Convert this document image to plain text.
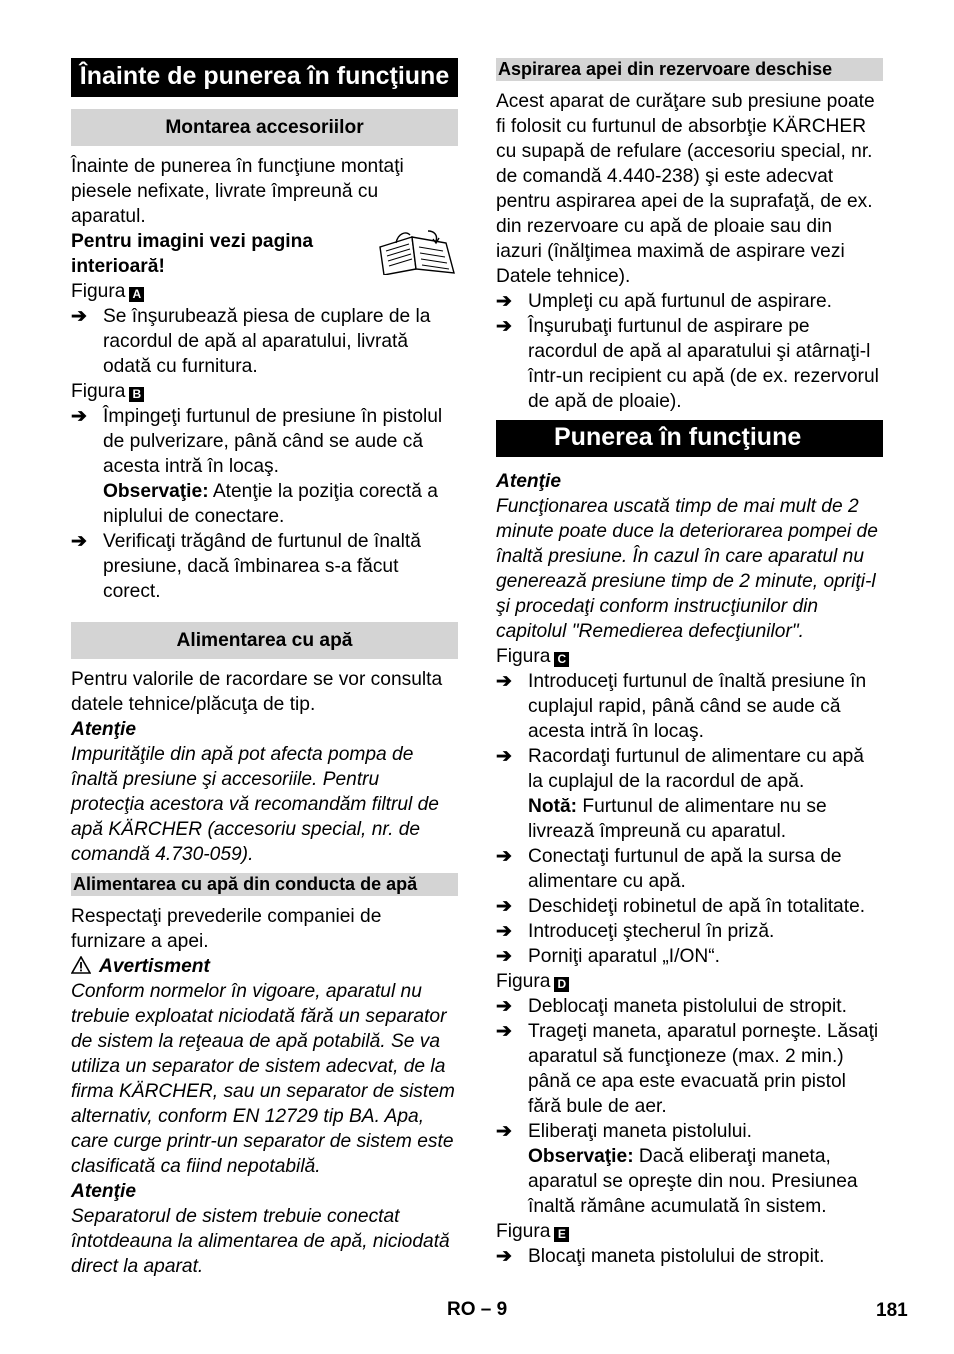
Înainte de punerea în funcţiune
Montarea accesoriilor

Înainte de punerea în funcţiune montaţi piesele nefixate, livrate împreună cu aparatul.

Pentru imagini vezi pagina interioară!

Figura A

➔ Se înşurubează piesa de cuplare de la racordul de apă al aparatului, livrată odată cu furnitura.

Figura B

➔ Împingeţi furtunul de presiune în pistolul de pulverizare, până când se aude că acesta intră în locaş.
Observaţie: Atenţie la poziţia corectă a niplului de conectare.
➔ Verificaţi trăgând de furtunul de înaltă presiune, dacă îmbinarea s-a făcut corect.
Alimentarea cu apă

Pentru valorile de racordare se vor consulta datele tehnice/plăcuţa de tip.

Atenţie

Impurităţile din apă pot afecta pompa de înaltă presiune şi accesoriile. Pentru protecţia acestora vă recomandăm filtrul de apă KÄRCHER (accesoriu special, nr. de comandă 4.730-059).

Alimentarea cu apă din conducta de apă

Respectaţi prevederile companiei de furnizare a apei.

Avertisment

Conform normelor în vigoare, aparatul nu trebuie exploatat niciodată fără un separator de sistem la reţeaua de apă potabilă. Se va utiliza un separator de sistem adecvat, de la firma KÄRCHER, sau un separator de sistem alternativ, conform EN 12729 tip BA. Apa, care curge printr-un separator de sistem este clasificată ca fiind nepotabilă.

Atenţie

Separatorul de sistem trebuie conectat întotdeauna la alimentarea de apă, niciodată direct la aparat.

Aspirarea apei din rezervoare deschise

Acest aparat de curăţare sub presiune poate fi folosit cu furtunul de absorbţie KÄRCHER cu supapă de refulare (accesoriu special, nr. de comandă 4.440-238) şi este adecvat pentru aspirarea apei de la suprafaţă, de ex. din rezervoare cu apă de ploaie sau din iazuri (înălţimea maximă de aspirare vezi Datele tehnice).

➔ Umpleţi cu apă furtunul de aspirare.
➔ Înşurubaţi furtunul de aspirare pe racordul de apă al aparatului şi atârnaţi-l într-un recipient cu apă (de ex. rezervorul de apă de ploaie).
Punerea în funcţiune

Atenţie

Funcţionarea uscată timp de mai mult de 2 minute poate duce la deteriorarea pompei de înaltă presiune. În cazul în care aparatul nu generează presiune timp de 2 minute, opriţi-l şi procedaţi conform instrucţiunilor din capitolul "Remedierea defecţiunilor".

Figura C

➔ Introduceţi furtunul de înaltă presiune în cuplajul rapid, până când se aude că acesta intră în locaş.
➔ Racordaţi furtunul de alimentare cu apă la cuplajul de la racordul de apă.
Notă: Furtunul de alimentare nu se livrează împreună cu aparatul.
➔ Conectaţi furtunul de apă la sursa de alimentare cu apă.
➔ Deschideţi robinetul de apă în totalitate.
➔ Introduceţi ştecherul în priză.
➔ Porniţi aparatul „I/ON“.

Figura D

➔ Deblocaţi maneta pistolului de stropit.
➔ Trageţi maneta, aparatul porneşte. Lăsaţi aparatul să funcţioneze (max. 2 min.) până ce apa este evacuată prin pistol fără bule de aer.
➔ Eliberaţi maneta pistolului.
Observaţie: Dacă eliberaţi maneta, aparatul se opreşte din nou. Presiunea înaltă rămâne acumulată în sistem.

Figura E

➔ Blocaţi maneta pistolului de stropit.
RO – 9	181
